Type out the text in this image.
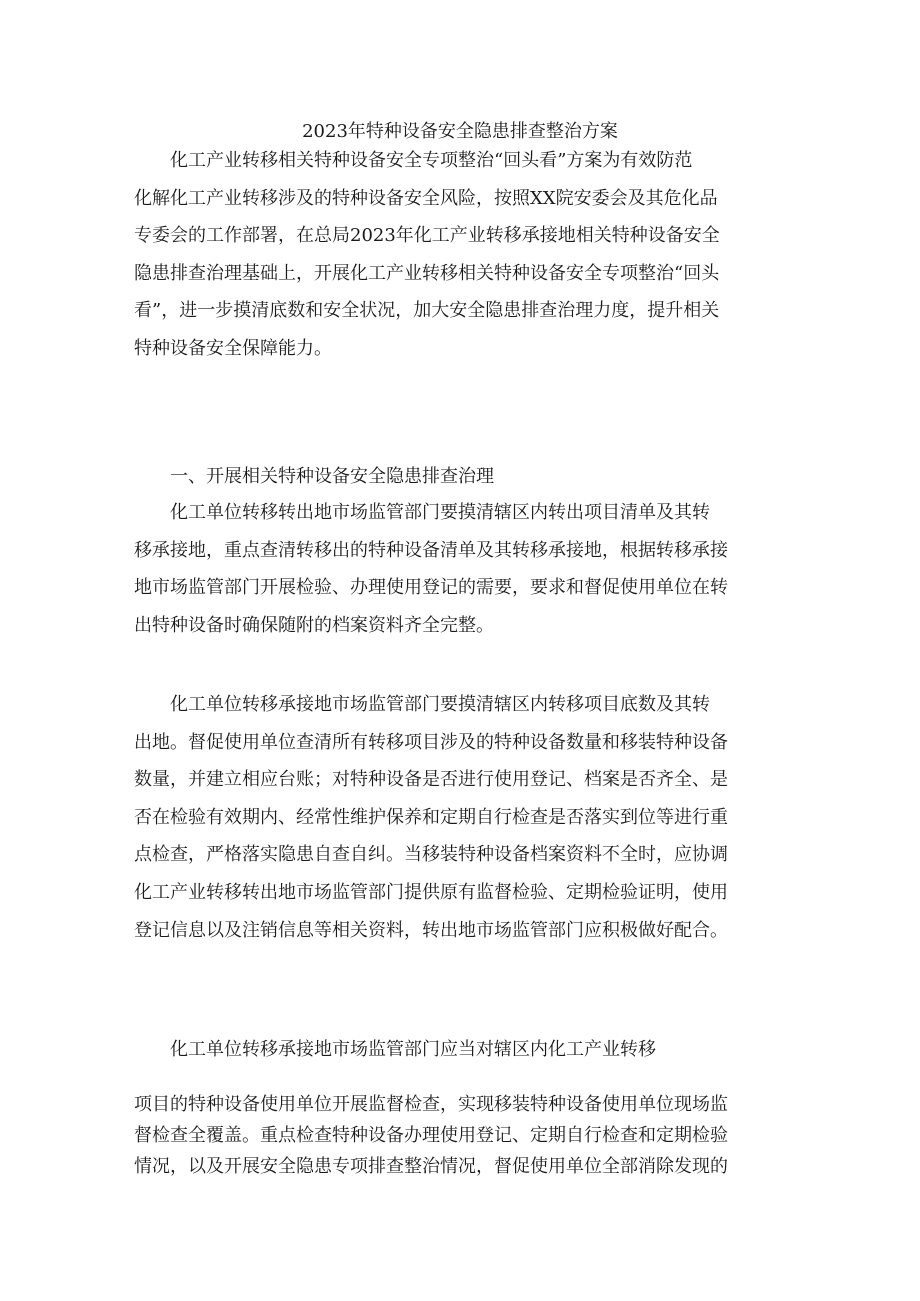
2023年特种设备安全隐患排查整治方案
　　化工产业转移相关特种设备安全专项整治“回头看”方案为有效防范
化解化工产业转移涉及的特种设备安全风险，按照XX院安委会及其危化品
专委会的工作部署，在总局2023年化工产业转移承接地相关特种设备安全
隐患排查治理基础上，开展化工产业转移相关特种设备安全专项整治“回头
看”，进一步摸清底数和安全状况，加大安全隐患排查治理力度，提升相关
特种设备安全保障能力。
　　一、开展相关特种设备安全隐患排查治理
　　化工单位转移转出地市场监管部门要摸清辖区内转出项目清单及其转
移承接地，重点查清转移出的特种设备清单及其转移承接地，根据转移承接
地市场监管部门开展检验、办理使用登记的需要，要求和督促使用单位在转
出特种设备时确保随附的档案资料齐全完整。
　　化工单位转移承接地市场监管部门要摸清辖区内转移项目底数及其转
出地。督促使用单位查清所有转移项目涉及的特种设备数量和移装特种设备
数量，并建立相应台账；对特种设备是否进行使用登记、档案是否齐全、是
否在检验有效期内、经常性维护保养和定期自行检查是否落实到位等进行重
点检查，严格落实隐患自查自纠。当移装特种设备档案资料不全时，应协调
化工产业转移转出地市场监管部门提供原有监督检验、定期检验证明，使用
登记信息以及注销信息等相关资料，转出地市场监管部门应积极做好配合。
　　化工单位转移承接地市场监管部门应当对辖区内化工产业转移
项目的特种设备使用单位开展监督检查，实现移装特种设备使用单位现场监
督检查全覆盖。重点检查特种设备办理使用登记、定期自行检查和定期检验
情况，以及开展安全隐患专项排查整治情况，督促使用单位全部消除发现的
